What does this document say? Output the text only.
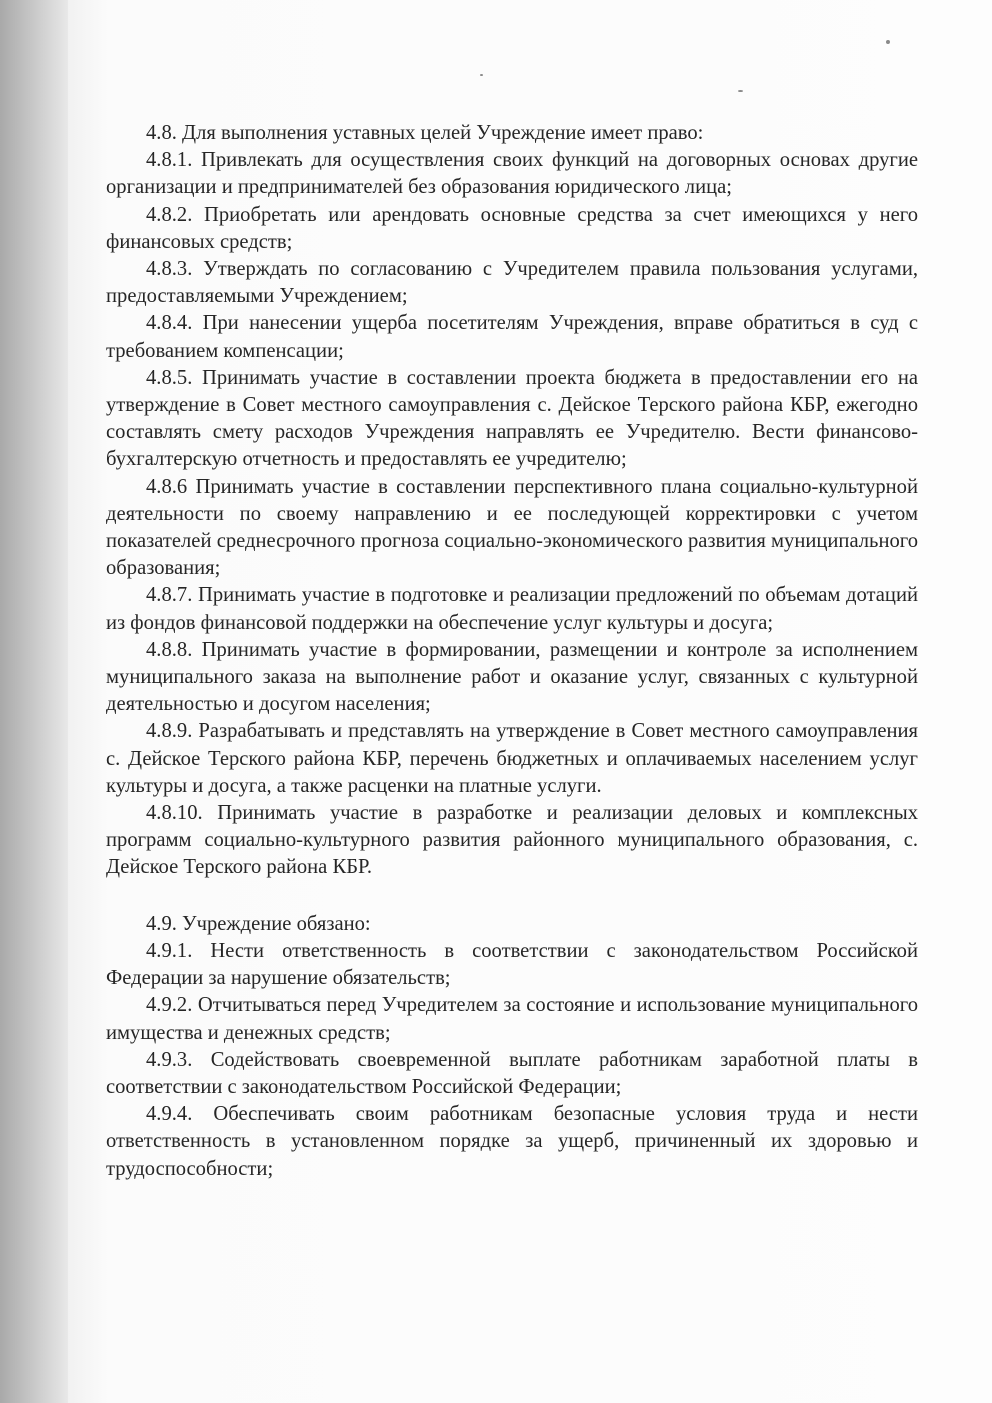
4.8. Для выполнения уставных целей Учреждение имеет право:

4.8.1. Привлекать для осуществления своих функций на договорных основах другие организации и предпринимателей без образования юридического лица;

4.8.2. Приобретать или арендовать основные средства за счет имеющихся у него финансовых средств;

4.8.3. Утверждать по согласованию с Учредителем правила пользования услугами, предоставляемыми Учреждением;

4.8.4. При нанесении ущерба посетителям Учреждения, вправе обратиться в суд с требованием компенсации;

4.8.5. Принимать участие в составлении проекта бюджета в предоставлении его на утверждение в Совет местного самоуправления с. Дейское Терского района КБР, ежегодно составлять смету расходов Учреждения направлять ее Учредителю. Вести финансово-бухгалтерскую отчетность и предоставлять ее учредителю;

4.8.6 Принимать участие в составлении перспективного плана социально-культурной деятельности по своему направлению и ее последующей корректировки с учетом показателей среднесрочного прогноза социально-экономического развития муниципального образования;

4.8.7. Принимать участие в подготовке и реализации предложений по объемам дотаций из фондов финансовой поддержки на обеспечение услуг культуры и досуга;

4.8.8. Принимать участие в формировании, размещении и контроле за исполнением муниципального заказа на выполнение работ и оказание услуг, связанных с культурной деятельностью и досугом населения;

4.8.9. Разрабатывать и представлять на утверждение в Совет местного самоуправления с. Дейское Терского района КБР, перечень бюджетных и оплачиваемых населением услуг культуры и досуга, а также расценки на платные услуги.

4.8.10. Принимать участие в разработке и реализации деловых и комплексных программ социально-культурного развития районного муниципального образования, с. Дейское Терского района КБР.

4.9. Учреждение обязано:

4.9.1. Нести ответственность в соответствии с законодательством Российской Федерации за нарушение обязательств;

4.9.2. Отчитываться перед Учредителем за состояние и использование муниципального имущества и денежных средств;

4.9.3. Содействовать своевременной выплате работникам заработной платы в соответствии с законодательством Российской Федерации;

4.9.4. Обеспечивать своим работникам безопасные условия труда и нести ответственность в установленном порядке за ущерб, причиненный их здоровью и трудоспособности;
